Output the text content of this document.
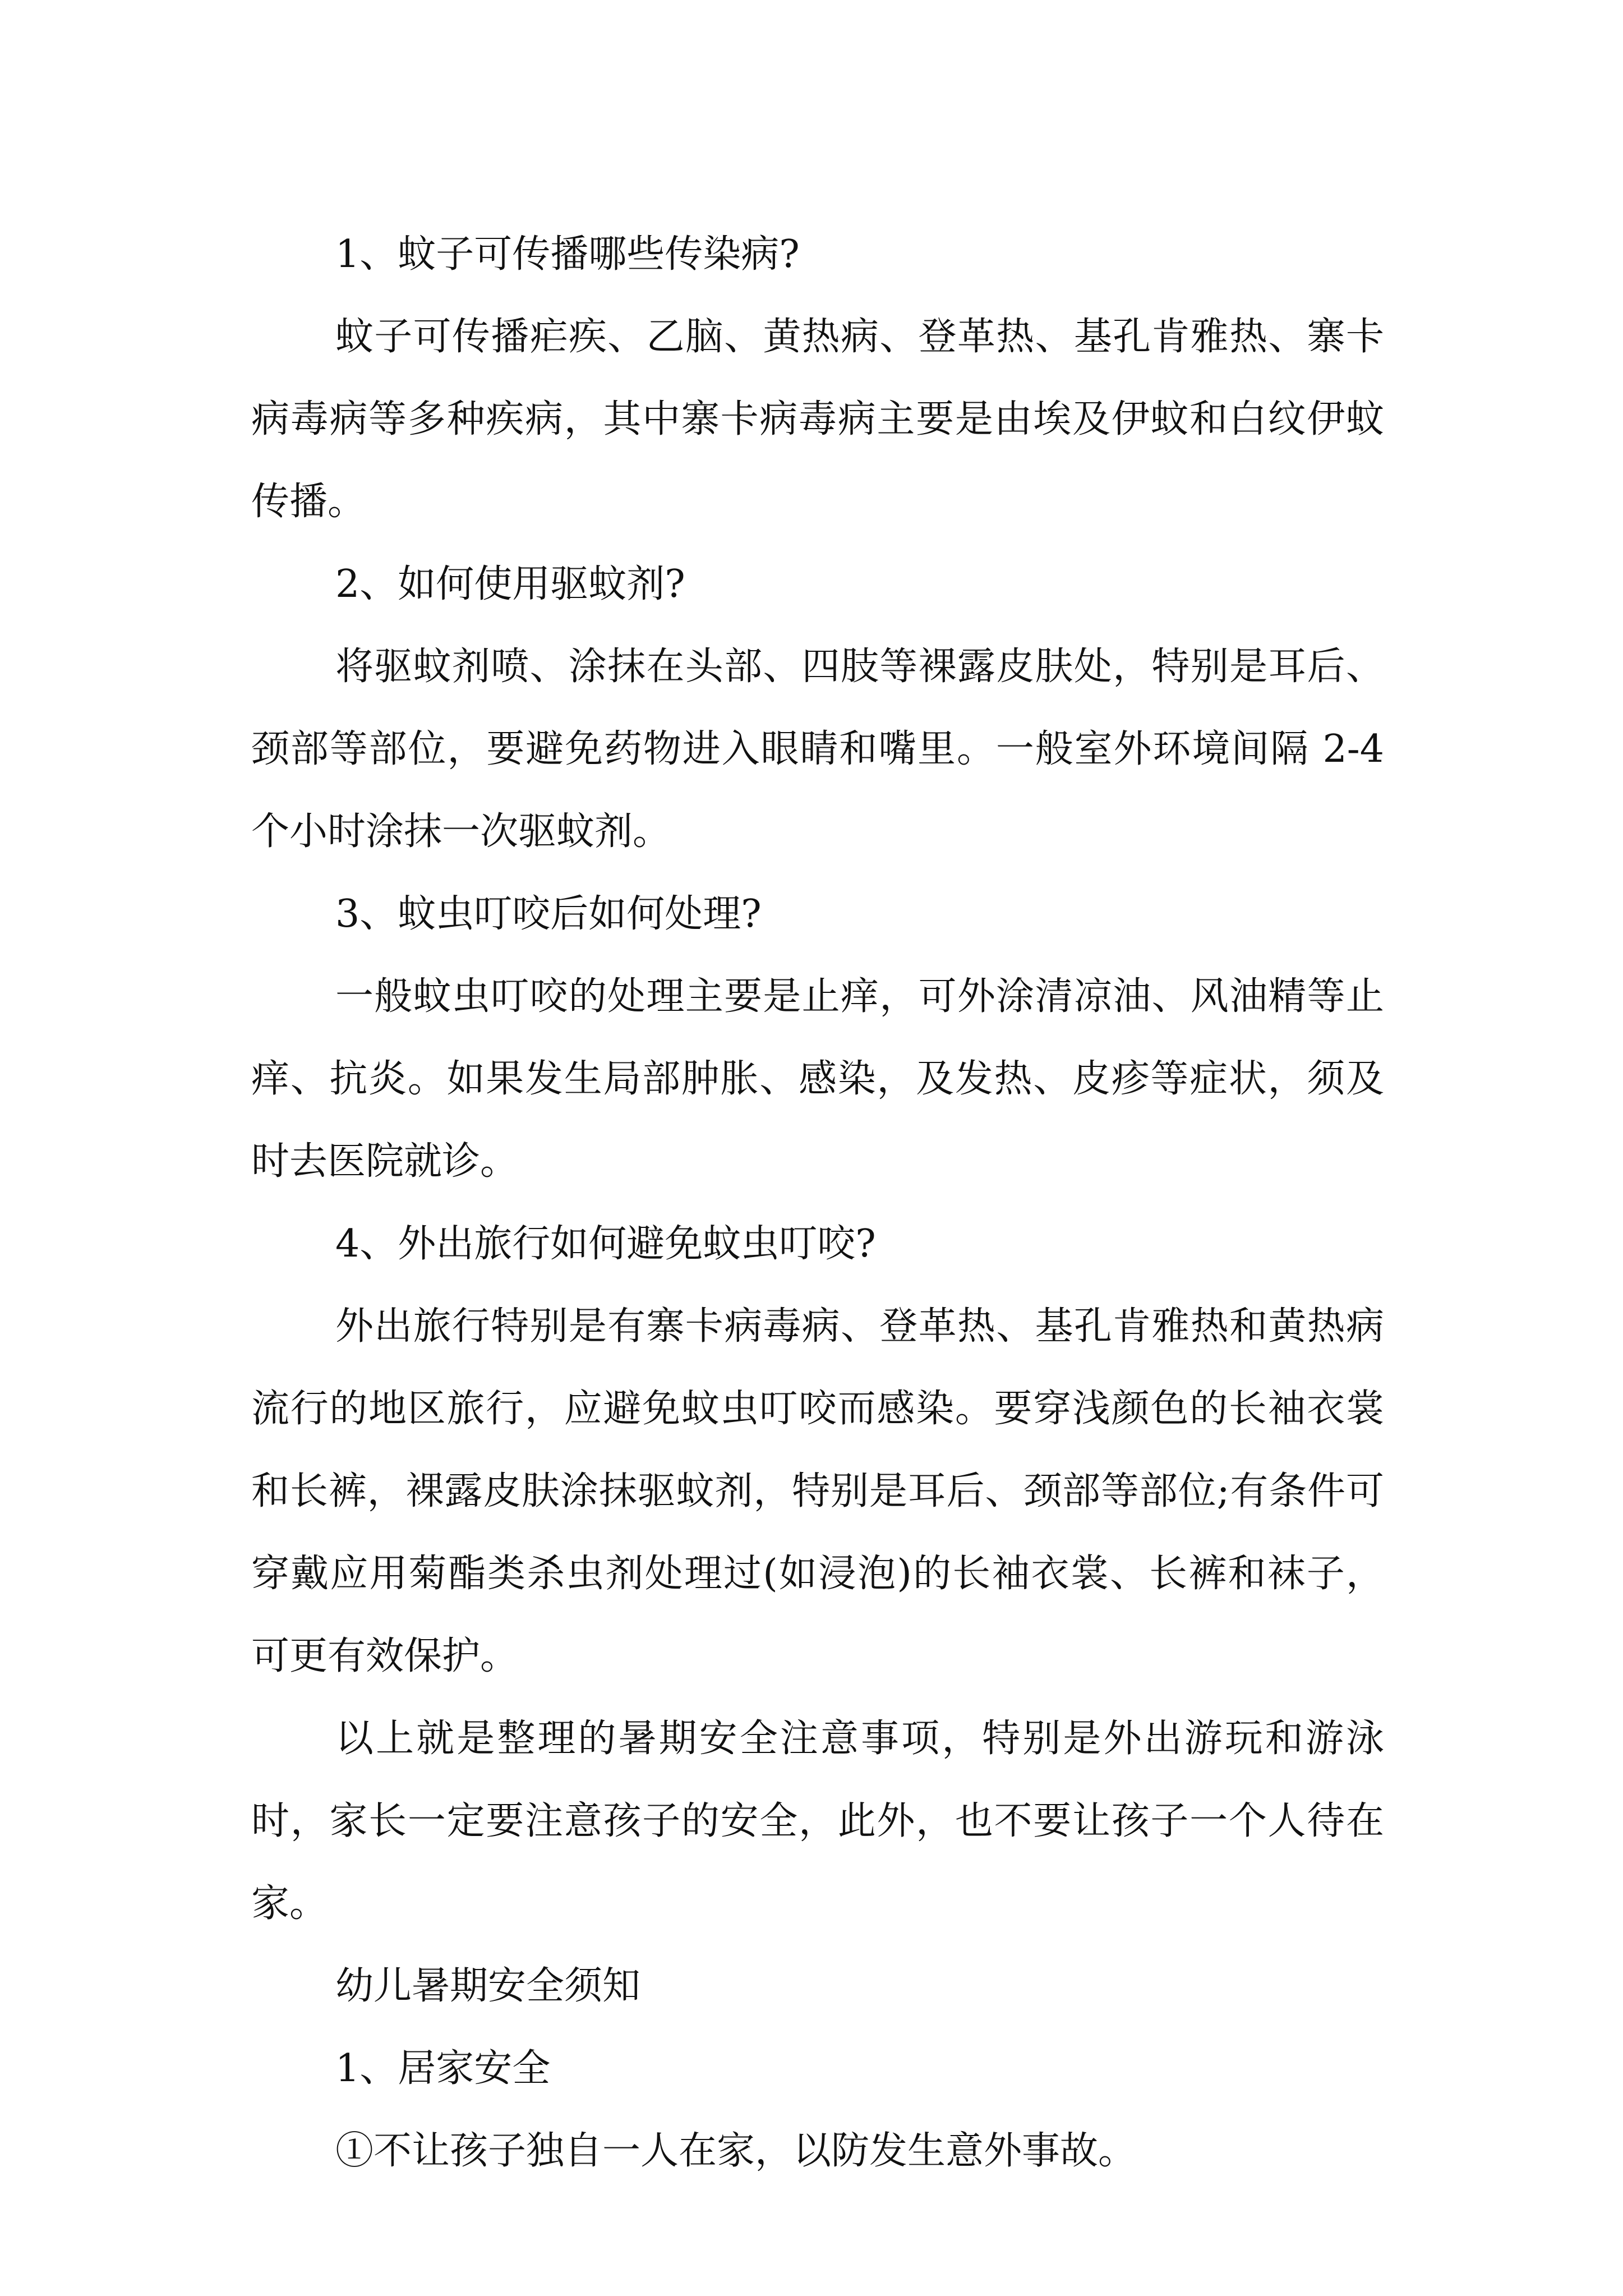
1、蚊子可传播哪些传染病?

蚊子可传播疟疾、乙脑、黄热病、登革热、基孔肯雅热、寨卡病毒病等多种疾病，其中寨卡病毒病主要是由埃及伊蚊和白纹伊蚊传播。

2、如何使用驱蚊剂?

将驱蚊剂喷、涂抹在头部、四肢等裸露皮肤处，特别是耳后、颈部等部位，要避免药物进入眼睛和嘴里。一般室外环境间隔 2-4 个小时涂抹一次驱蚊剂。

3、蚊虫叮咬后如何处理?

一般蚊虫叮咬的处理主要是止痒，可外涂清凉油、风油精等止痒、抗炎。如果发生局部肿胀、感染，及发热、皮疹等症状，须及时去医院就诊。

4、外出旅行如何避免蚊虫叮咬?

外出旅行特别是有寨卡病毒病、登革热、基孔肯雅热和黄热病流行的地区旅行，应避免蚊虫叮咬而感染。要穿浅颜色的长袖衣裳和长裤，裸露皮肤涂抹驱蚊剂，特别是耳后、颈部等部位;有条件可穿戴应用菊酯类杀虫剂处理过(如浸泡)的长袖衣裳、长裤和袜子，可更有效保护。

以上就是整理的暑期安全注意事项，特别是外出游玩和游泳时，家长一定要注意孩子的安全，此外，也不要让孩子一个人待在家。

幼儿暑期安全须知

1、居家安全

①不让孩子独自一人在家，以防发生意外事故。
